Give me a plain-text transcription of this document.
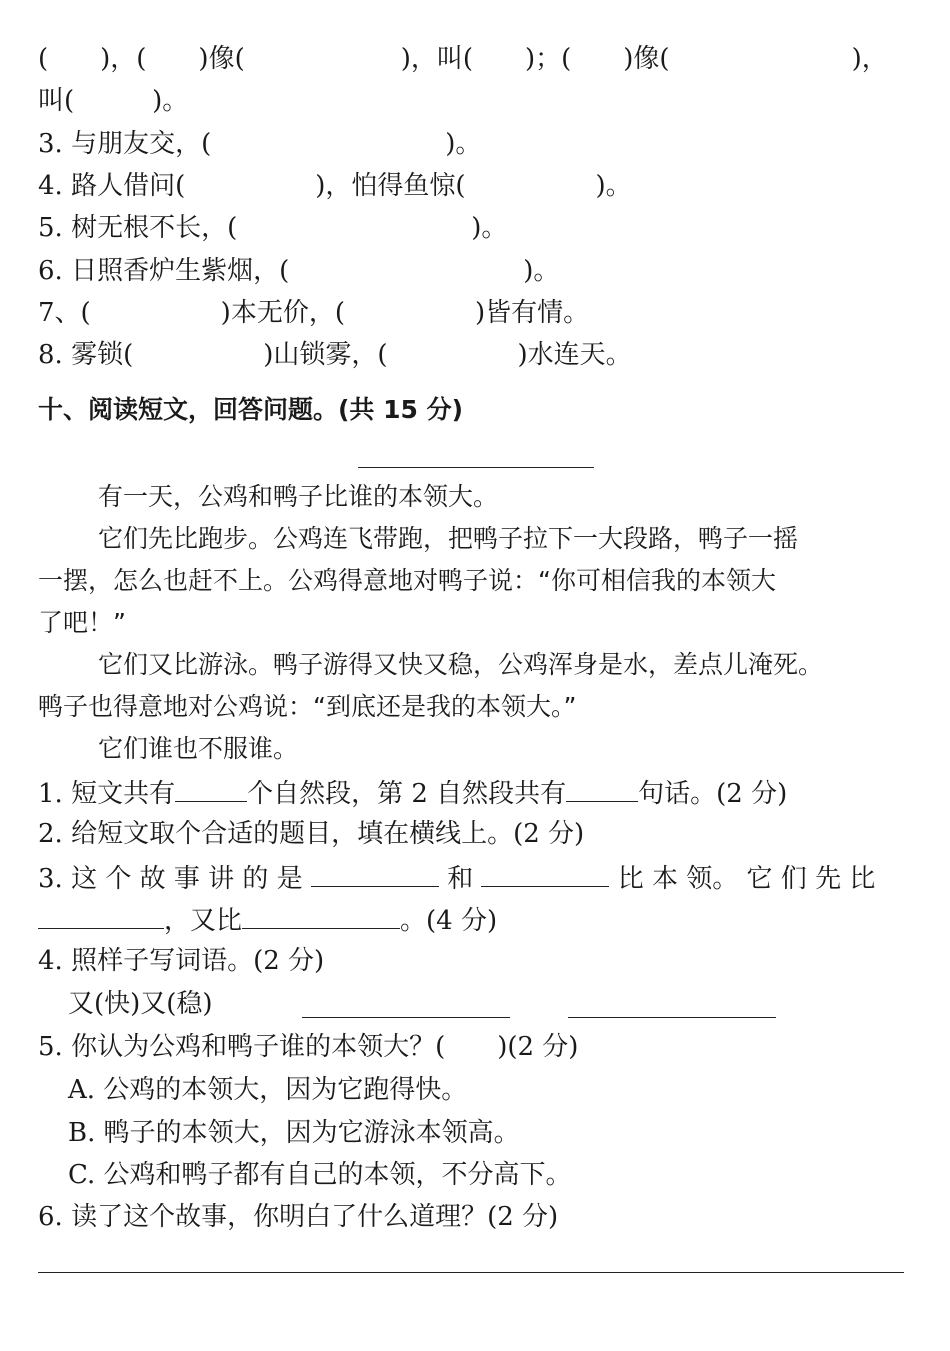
(　　)，(　　)像(　　　　　　)，叫(　　)；(　　)像(　　　　　　　)，
叫(　　　)。
3. 与朋友交，(　　　　　　　　　)。
4. 路人借问(　　　　　)，怕得鱼惊(　　　　　)。
5. 树无根不长，(　　　　　　　　　)。
6. 日照香炉生紫烟，(　　　　　　　　　)。
7、(　　　　　)本无价，(　　　　　)皆有情。
8. 雾锁(　　　　　)山锁雾，(　　　　　)水连天。
十、阅读短文，回答问题。(共 15 分)
有一天，公鸡和鸭子比谁的本领大。
它们先比跑步。公鸡连飞带跑，把鸭子拉下一大段路，鸭子一摇
一摆，怎么也赶不上。公鸡得意地对鸭子说：“你可相信我的本领大
了吧！”
它们又比游泳。鸭子游得又快又稳，公鸡浑身是水，差点儿淹死。
鸭子也得意地对公鸡说：“到底还是我的本领大。”
它们谁也不服谁。
1. 短文共有	个自然段，第 2 自然段共有	句话。(2 分)
2. 给短文取个合适的题目，填在横线上。(2 分)
3. 这 个 故 事 讲 的 是	和	比 本 领。 它 们 先 比
，又比	。(4 分)
4. 照样子写词语。(2 分)
又(快)又(稳)
5. 你认为公鸡和鸭子谁的本领大？(　　)(2 分)
A. 公鸡的本领大，因为它跑得快。
B. 鸭子的本领大，因为它游泳本领高。
C. 公鸡和鸭子都有自己的本领，不分高下。
6. 读了这个故事，你明白了什么道理？(2 分)
